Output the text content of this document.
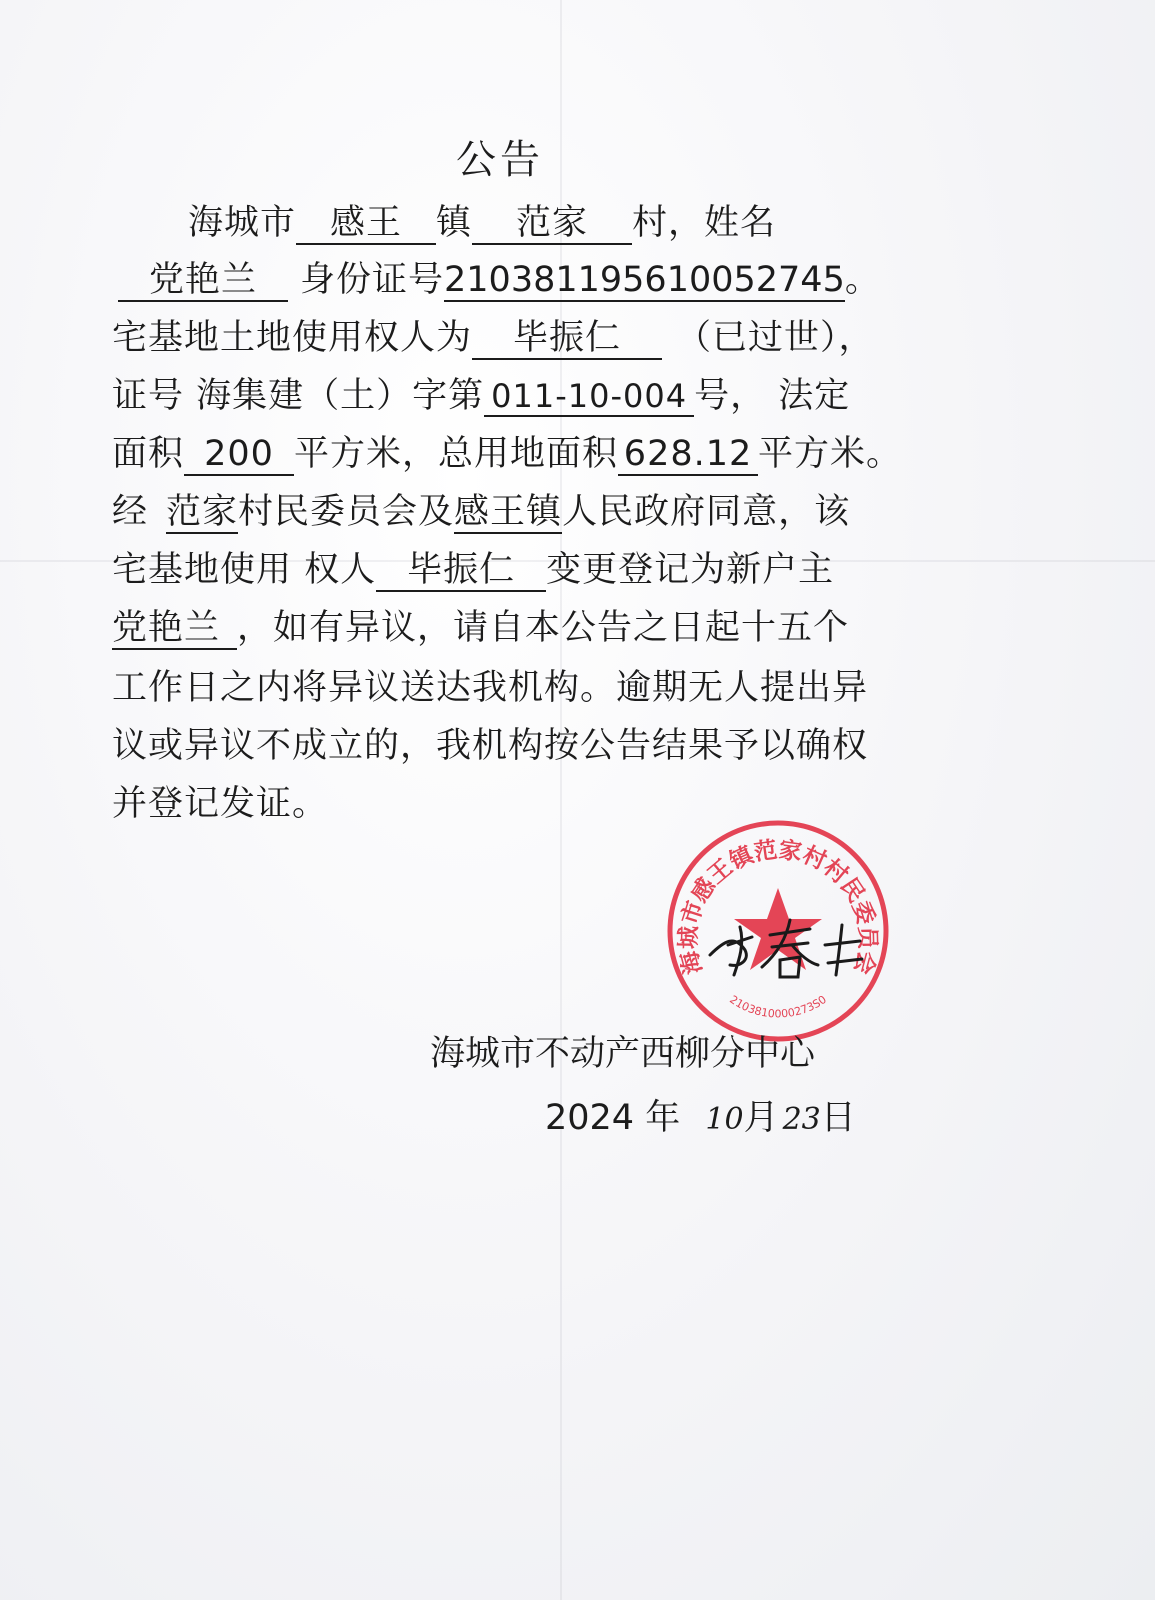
公告
海城市 感王 镇 范家 村，姓名
党艳兰 身份证号210381195610052745。
宅基地土地使用权人为 毕振仁 （已过世），
证号 海集建（土）字第 011-10-004 号， 法定
面积 200 平方米，总用地面积 628.12 平方米。
经 范家村民委员会及感王镇人民政府同意，该
宅基地使用 权人 毕振仁 变更登记为新户主
党艳兰 ，如有异议，请自本公告之日起十五个
工作日之内将异议送达我机构。逾期无人提出异
议或异议不成立的，我机构按公告结果予以确权
并登记发证。
海城市感王镇范家村村民委员会
2103810000273S0
海城市不动产西柳分中心
2024 年 10月 23日
